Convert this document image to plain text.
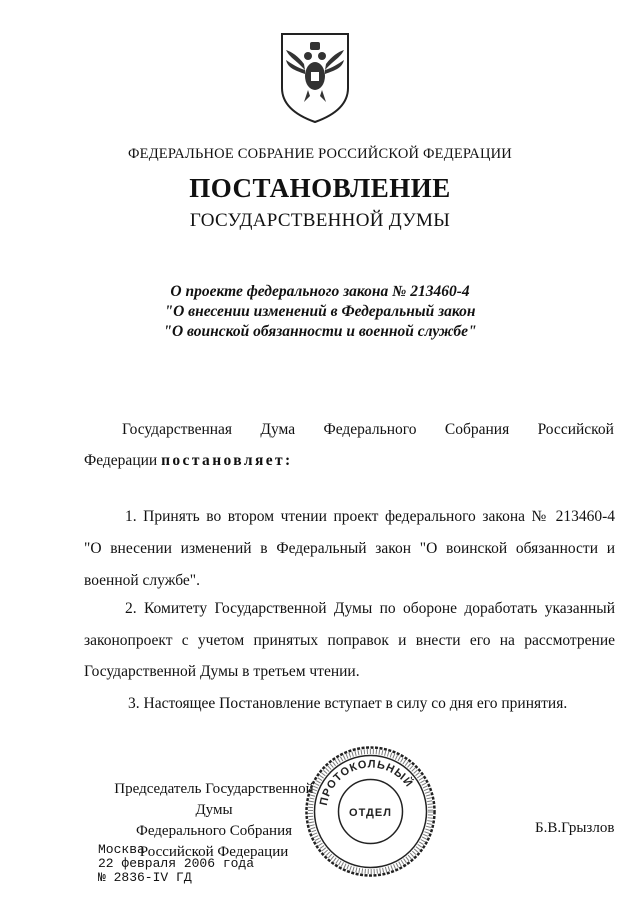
ФЕДЕРАЛЬНОЕ СОБРАНИЕ РОССИЙСКОЙ ФЕДЕРАЦИИ
ПОСТАНОВЛЕНИЕ
ГОСУДАРСТВЕННОЙ ДУМЫ
О проекте федерального закона № 213460-4
"О внесении изменений в Федеральный закон
"О воинской обязанности и военной службе"
Государственная Дума Федерального Собрания Российской
Федерации постановляет:
1. Принять во втором чтении проект федерального закона № 213460-4
"О внесении изменений в Федеральный закон "О воинской обязанности и
военной службе".
2. Комитету Государственной Думы по обороне доработать указанный
законопроект с учетом принятых поправок и внести его на рассмотрение
Государственной Думы в третьем чтении.
3. Настоящее Постановление вступает в силу со дня его принятия.
Председатель Государственной Думы
Федерального Собрания
Российской Федерации
ПРОТОКОЛЬНЫЙ
ОТДЕЛ
Б.В.Грызлов
Москва
22 февраля 2006 года
№ 2836-IV ГД
